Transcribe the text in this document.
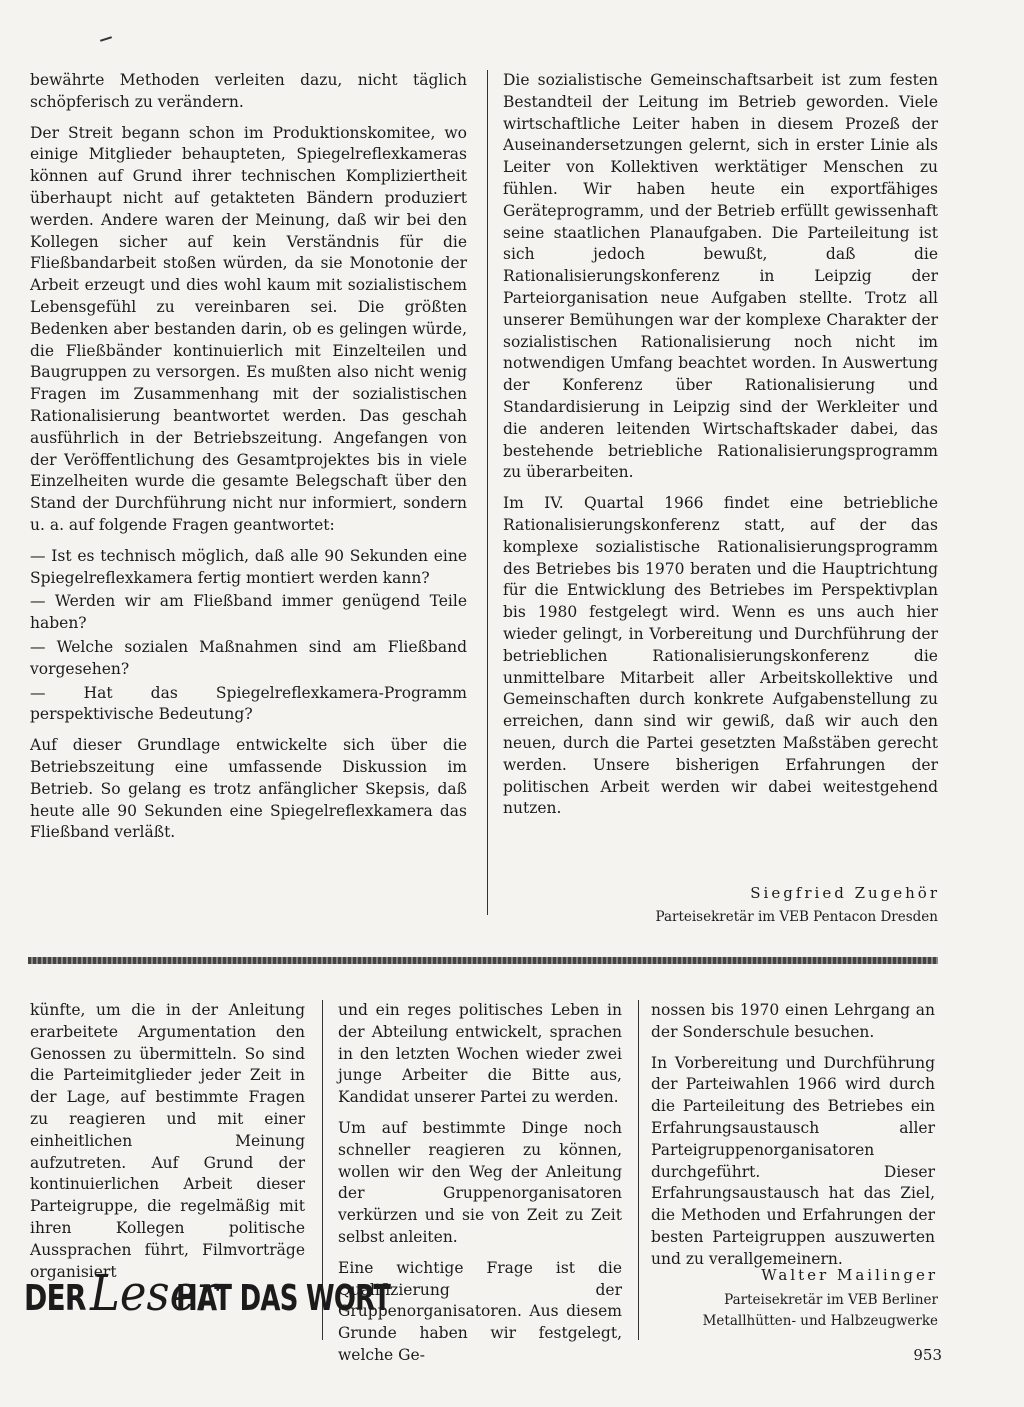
bewährte Methoden verleiten dazu, nicht täglich schöpferisch zu verändern.

Der Streit begann schon im Produktionskomitee, wo einige Mitglieder behaupteten, Spiegelreflexkameras können auf Grund ihrer technischen Kompliziertheit überhaupt nicht auf getakteten Bändern produziert werden. Andere waren der Meinung, daß wir bei den Kollegen sicher auf kein Verständnis für die Fließbandarbeit stoßen würden, da sie Monotonie der Arbeit erzeugt und dies wohl kaum mit sozialistischem Lebensgefühl zu vereinbaren sei. Die größten Bedenken aber bestanden darin, ob es gelingen würde, die Fließbänder kontinuierlich mit Einzelteilen und Baugruppen zu versorgen. Es mußten also nicht wenig Fragen im Zusammenhang mit der sozialistischen Rationalisierung beantwortet werden. Das geschah ausführlich in der Betriebszeitung. Angefangen von der Veröffentlichung des Gesamtprojektes bis in viele Einzelheiten wurde die gesamte Belegschaft über den Stand der Durchführung nicht nur informiert, sondern u. a. auf folgende Fragen geantwortet:

— Ist es technisch möglich, daß alle 90 Sekunden eine Spiegelreflexkamera fertig montiert werden kann?

— Werden wir am Fließband immer genügend Teile haben?

— Welche sozialen Maßnahmen sind am Fließband vorgesehen?

— Hat das Spiegelreflexkamera-Programm perspektivische Bedeutung?

Auf dieser Grundlage entwickelte sich über die Betriebszeitung eine umfassende Diskussion im Betrieb. So gelang es trotz anfänglicher Skepsis, daß heute alle 90 Sekunden eine Spiegelreflexkamera das Fließband verläßt.

Die sozialistische Gemeinschaftsarbeit ist zum festen Bestandteil der Leitung im Betrieb geworden. Viele wirtschaftliche Leiter haben in diesem Prozeß der Auseinandersetzungen gelernt, sich in erster Linie als Leiter von Kollektiven werktätiger Menschen zu fühlen. Wir haben heute ein exportfähiges Geräteprogramm, und der Betrieb erfüllt gewissenhaft seine staatlichen Planaufgaben. Die Parteileitung ist sich jedoch bewußt, daß die Rationalisierungskonferenz in Leipzig der Parteiorganisation neue Aufgaben stellte. Trotz all unserer Bemühungen war der komplexe Charakter der sozialistischen Rationalisierung noch nicht im notwendigen Umfang beachtet worden. In Auswertung der Konferenz über Rationalisierung und Standardisierung in Leipzig sind der Werkleiter und die anderen leitenden Wirtschaftskader dabei, das bestehende betriebliche Rationalisierungsprogramm zu überarbeiten.

Im IV. Quartal 1966 findet eine betriebliche Rationalisierungskonferenz statt, auf der das komplexe sozialistische Rationalisierungsprogramm des Betriebes bis 1970 beraten und die Hauptrichtung für die Entwicklung des Betriebes im Perspektivplan bis 1980 festgelegt wird. Wenn es uns auch hier wieder gelingt, in Vorbereitung und Durchführung der betrieblichen Rationalisierungskonferenz die unmittelbare Mitarbeit aller Arbeitskollektive und Gemeinschaften durch konkrete Aufgabenstellung zu erreichen, dann sind wir gewiß, daß wir auch den neuen, durch die Partei gesetzten Maßstäben gerecht werden. Unsere bisherigen Erfahrungen der politischen Arbeit werden wir dabei weitestgehend nutzen.

Siegfried Zugehör
Parteisekretär im VEB Pentacon Dresden

künfte, um die in der Anleitung erarbeitete Argumentation den Genossen zu übermitteln. So sind die Parteimitglieder jeder Zeit in der Lage, auf bestimmte Fragen zu reagieren und mit einer einheitlichen Meinung aufzutreten. Auf Grund der kontinuierlichen Arbeit dieser Parteigruppe, die regelmäßig mit ihren Kollegen politische Aussprachen führt, Filmvorträge organisiert

und ein reges politisches Leben in der Abteilung entwickelt, sprachen in den letzten Wochen wieder zwei junge Arbeiter die Bitte aus, Kandidat unserer Partei zu werden.

Um auf bestimmte Dinge noch schneller reagieren zu können, wollen wir den Weg der Anleitung der Gruppenorganisatoren verkürzen und sie von Zeit zu Zeit selbst anleiten.

Eine wichtige Frage ist die Qualifizierung der Gruppenorganisatoren. Aus diesem Grunde haben wir festgelegt, welche Ge-

nossen bis 1970 einen Lehrgang an der Sonderschule besuchen.

In Vorbereitung und Durchführung der Parteiwahlen 1966 wird durch die Parteileitung des Betriebes ein Erfahrungsaustausch aller Parteigruppenorganisatoren durchgeführt. Dieser Erfahrungsaustausch hat das Ziel, die Methoden und Erfahrungen der besten Parteigruppen auszuwerten und zu verallgemeinern.

Walter Mailinger
Parteisekretär im VEB Berliner
Metallhütten- und Halbzeugwerke
DER Leser
HAT DAS WORT
953
